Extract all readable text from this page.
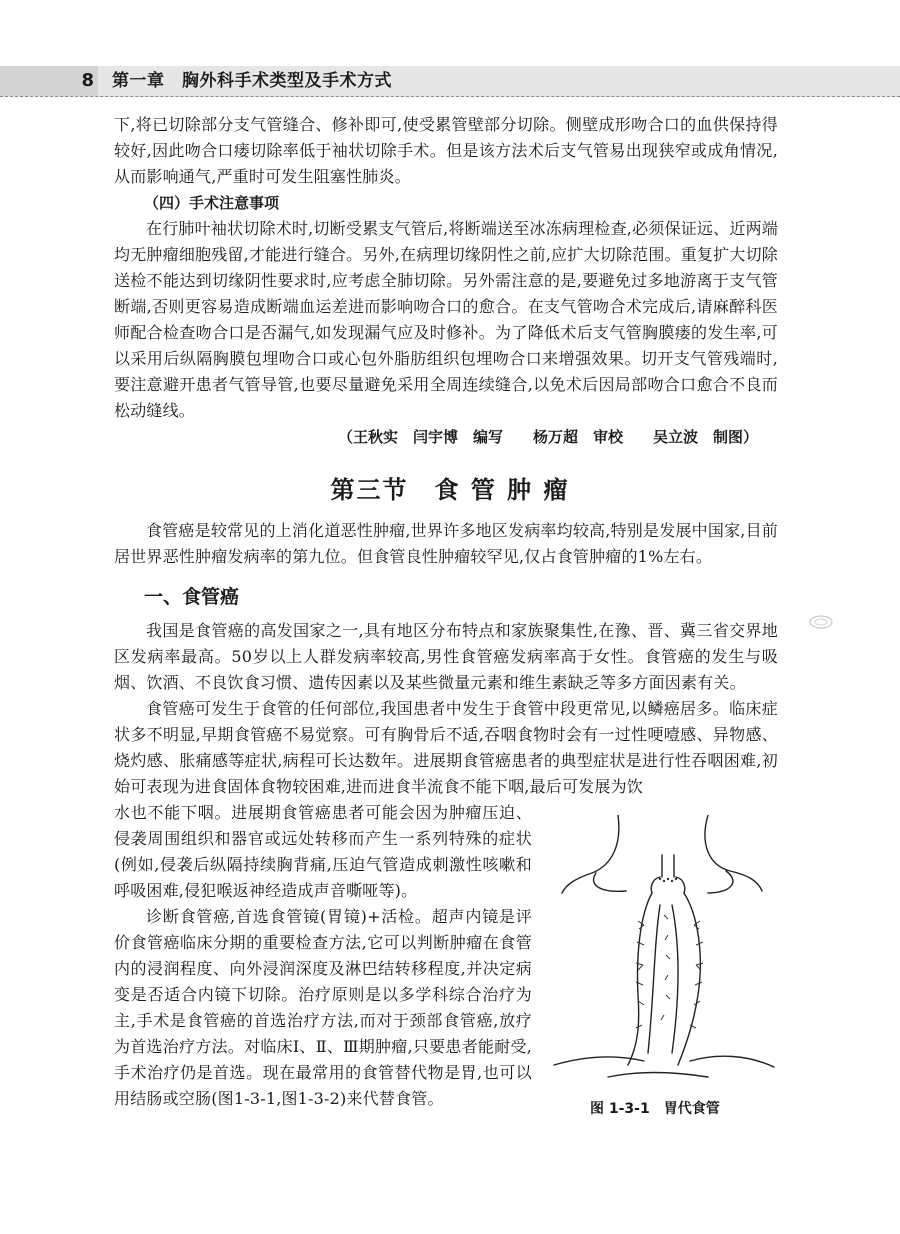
8 第一章　胸外科手术类型及手术方式

下,将已切除部分支气管缝合、修补即可,使受累管壁部分切除。侧壁成形吻合口的血供保持得较好,因此吻合口瘘切除率低于袖状切除手术。但是该方法术后支气管易出现狭窄或成角情况,从而影响通气,严重时可发生阻塞性肺炎。

（四）手术注意事项

在行肺叶袖状切除术时,切断受累支气管后,将断端送至冰冻病理检查,必须保证远、近两端均无肿瘤细胞残留,才能进行缝合。另外,在病理切缘阴性之前,应扩大切除范围。重复扩大切除送检不能达到切缘阴性要求时,应考虑全肺切除。另外需注意的是,要避免过多地游离于支气管断端,否则更容易造成断端血运差进而影响吻合口的愈合。在支气管吻合术完成后,请麻醉科医师配合检查吻合口是否漏气,如发现漏气应及时修补。为了降低术后支气管胸膜瘘的发生率,可以采用后纵隔胸膜包埋吻合口或心包外脂肪组织包埋吻合口来增强效果。切开支气管残端时,要注意避开患者气管导管,也要尽量避免采用全周连续缝合,以免术后因局部吻合口愈合不良而松动缝线。

（王秋实　闫宇博　编写　　杨万超　审校　　吴立波　制图）
第三节　食 管 肿 瘤

食管癌是较常见的上消化道恶性肿瘤,世界许多地区发病率均较高,特别是发展中国家,目前居世界恶性肿瘤发病率的第九位。但食管良性肿瘤较罕见,仅占食管肿瘤的1%左右。

一、食管癌

我国是食管癌的高发国家之一,具有地区分布特点和家族聚集性,在豫、晋、冀三省交界地区发病率最高。50岁以上人群发病率较高,男性食管癌发病率高于女性。食管癌的发生与吸烟、饮酒、不良饮食习惯、遗传因素以及某些微量元素和维生素缺乏等多方面因素有关。

食管癌可发生于食管的任何部位,我国患者中发生于食管中段更常见,以鳞癌居多。临床症状多不明显,早期食管癌不易觉察。可有胸骨后不适,吞咽食物时会有一过性哽噎感、异物感、烧灼感、胀痛感等症状,病程可长达数年。进展期食管癌患者的典型症状是进行性吞咽困难,初始可表现为进食固体食物较困难,进而进食半流食不能下咽,最后可发展为饮

水也不能下咽。进展期食管癌患者可能会因为肿瘤压迫、侵袭周围组织和器官或远处转移而产生一系列特殊的症状(例如,侵袭后纵隔持续胸背痛,压迫气管造成刺激性咳嗽和呼吸困难,侵犯喉返神经造成声音嘶哑等)。

诊断食管癌,首选食管镜(胃镜)+活检。超声内镜是评价食管癌临床分期的重要检查方法,它可以判断肿瘤在食管内的浸润程度、向外浸润深度及淋巴结转移程度,并决定病变是否适合内镜下切除。治疗原则是以多学科综合治疗为主,手术是食管癌的首选治疗方法,而对于颈部食管癌,放疗为首选治疗方法。对临床Ⅰ、Ⅱ、Ⅲ期肿瘤,只要患者能耐受,手术治疗仍是首选。现在最常用的食管替代物是胃,也可以用结肠或空肠(图1-3-1,图1-3-2)来代替食管。

图 1-3-1　胃代食管
